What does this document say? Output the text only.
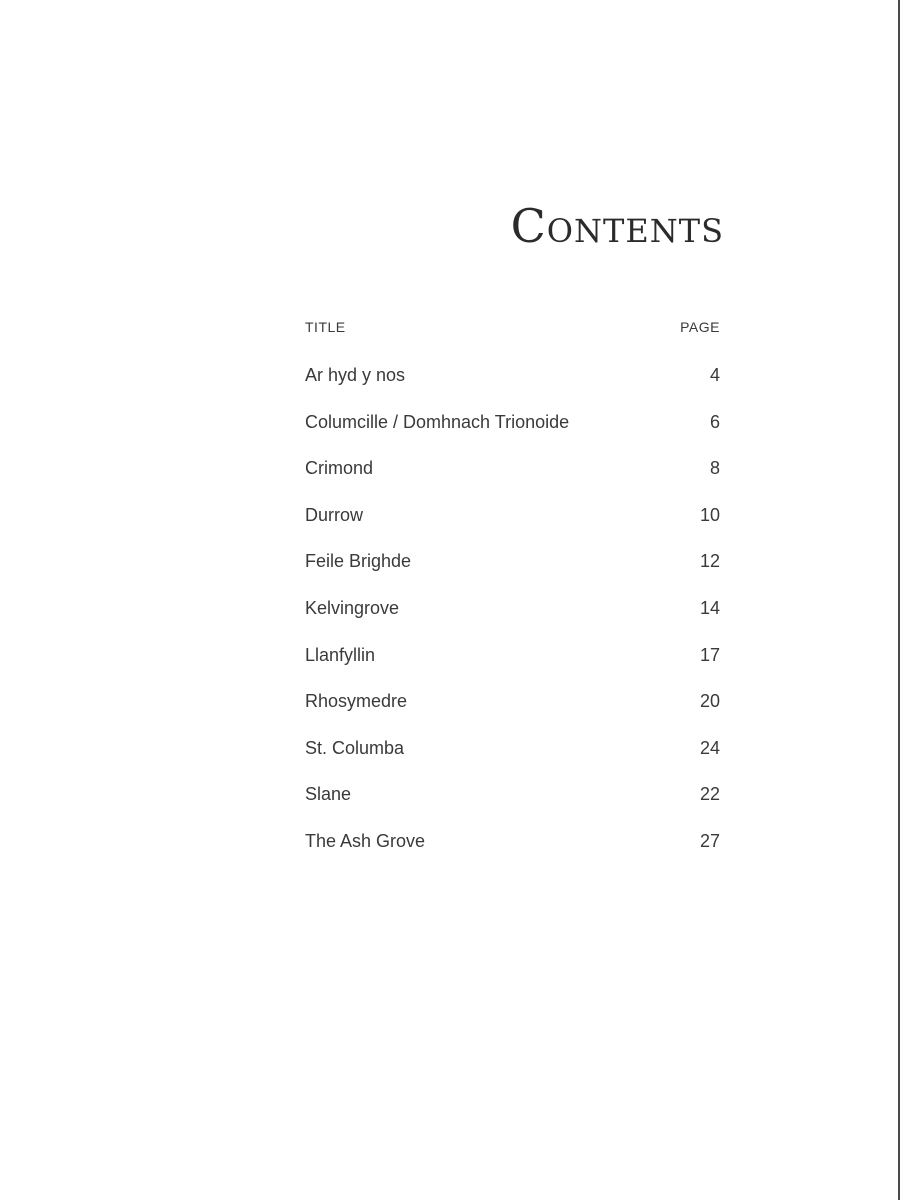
Contents
TITLE	PAGE
Ar hyd y nos	4
Columcille / Domhnach Trionoide	6
Crimond	8
Durrow	10
Feile Brighde	12
Kelvingrove	14
Llanfyllin	17
Rhosymedre	20
St. Columba	24
Slane	22
The Ash Grove	27
